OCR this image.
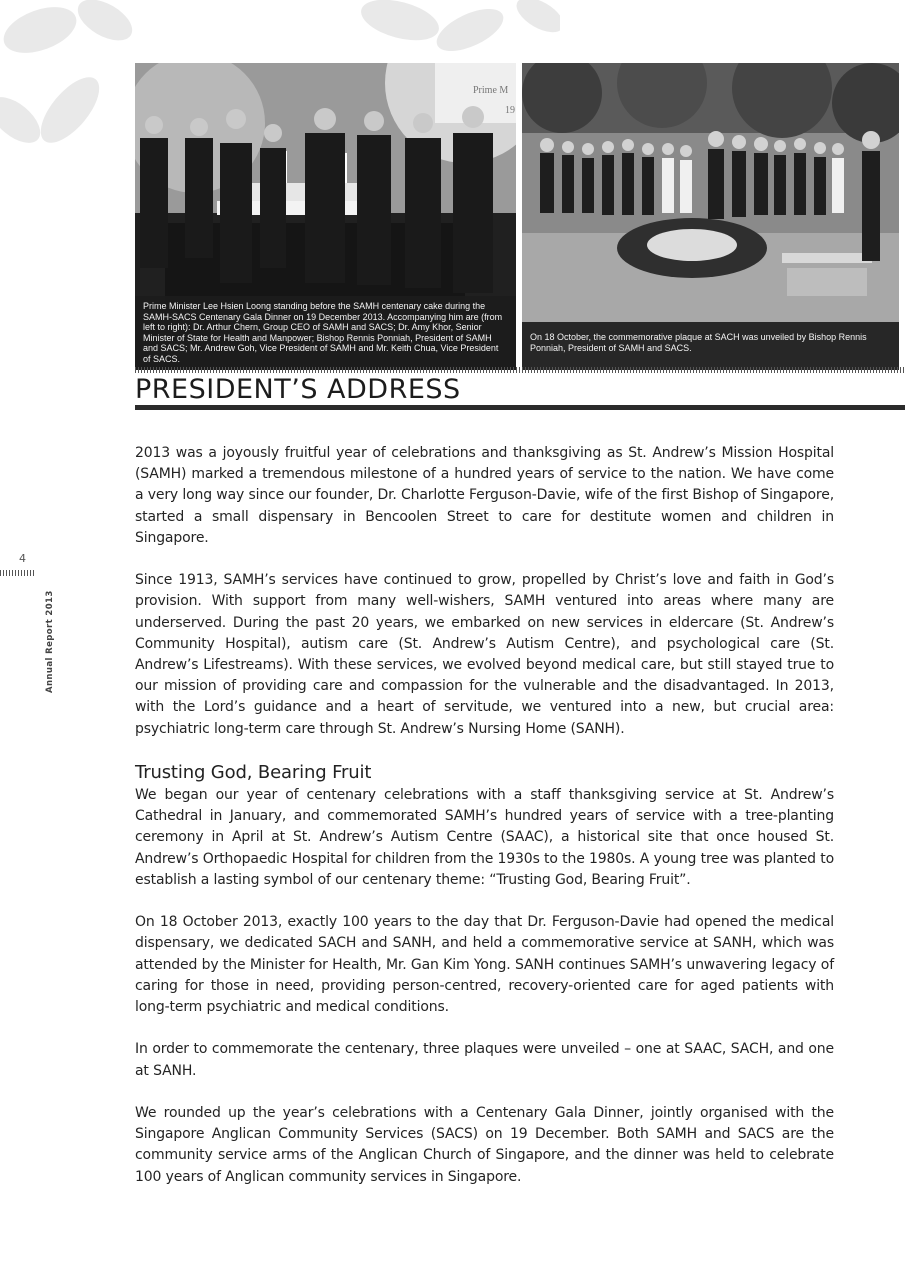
Prime M
19
Prime Minister Lee Hsien Loong standing before the SAMH centenary cake during the SAMH-SACS Centenary Gala Dinner on 19 December 2013. Accompanying him are (from left to right): Dr. Arthur Chern, Group CEO of SAMH and SACS; Dr. Amy Khor, Senior Minister of State for Health and Manpower; Bishop Rennis Ponniah, President of SAMH and SACS; Mr. Andrew Goh, Vice President of SAMH and Mr. Keith Chua, Vice President of SACS.
On 18 October, the commemorative plaque at SACH was unveiled by Bishop Rennis Ponniah, President of SAMH and SACS.
PRESIDENT’S ADDRESS
4
Annual Report 2013

2013 was a joyously fruitful year of celebrations and thanksgiving as St. Andrew’s Mission Hospital (SAMH) marked a tremendous milestone of a hundred years of service to the nation. We have come a very long way since our founder, Dr. Charlotte Ferguson-Davie, wife of the first Bishop of Singapore, started a small dispensary in Bencoolen Street to care for destitute women and children in Singapore.

Since 1913, SAMH’s services have continued to grow, propelled by Christ’s love and faith in God’s provision. With support from many well-wishers, SAMH ventured into areas where many are underserved. During the past 20 years, we embarked on new services in eldercare (St. Andrew’s Community Hospital), autism care (St. Andrew’s Autism Centre), and psychological care (St. Andrew’s Lifestreams). With these services, we evolved beyond medical care, but still stayed true to our mission of providing care and compassion for the vulnerable and the disadvantaged. In 2013, with the Lord’s guidance and a heart of servitude, we ventured into a new, but crucial area: psychiatric long-term care through St. Andrew’s Nursing Home (SANH).

Trusting God, Bearing Fruit

We began our year of centenary celebrations with a staff thanksgiving service at St. Andrew’s Cathedral in January, and commemorated SAMH’s hundred years of service with a tree-planting ceremony in April at St. Andrew’s Autism Centre (SAAC), a historical site that once housed St. Andrew’s Orthopaedic Hospital for children from the 1930s to the 1980s. A young tree was planted to establish a lasting symbol of our centenary theme: “Trusting God, Bearing Fruit”.

On 18 October 2013, exactly 100 years to the day that Dr. Ferguson-Davie had opened the medical dispensary, we dedicated SACH and SANH, and held a commemorative service at SANH, which was attended by the Minister for Health, Mr. Gan Kim Yong. SANH continues SAMH’s unwavering legacy of caring for those in need, providing person-centred, recovery-oriented care for aged patients with long-term psychiatric and medical conditions.

In order to commemorate the centenary, three plaques were unveiled – one at SAAC, SACH, and one at SANH.

We rounded up the year’s celebrations with a Centenary Gala Dinner, jointly organised with the Singapore Anglican Community Services (SACS) on 19 December. Both SAMH and SACS are the community service arms of the Anglican Church of Singapore, and the dinner was held to celebrate 100 years of Anglican community services in Singapore.
